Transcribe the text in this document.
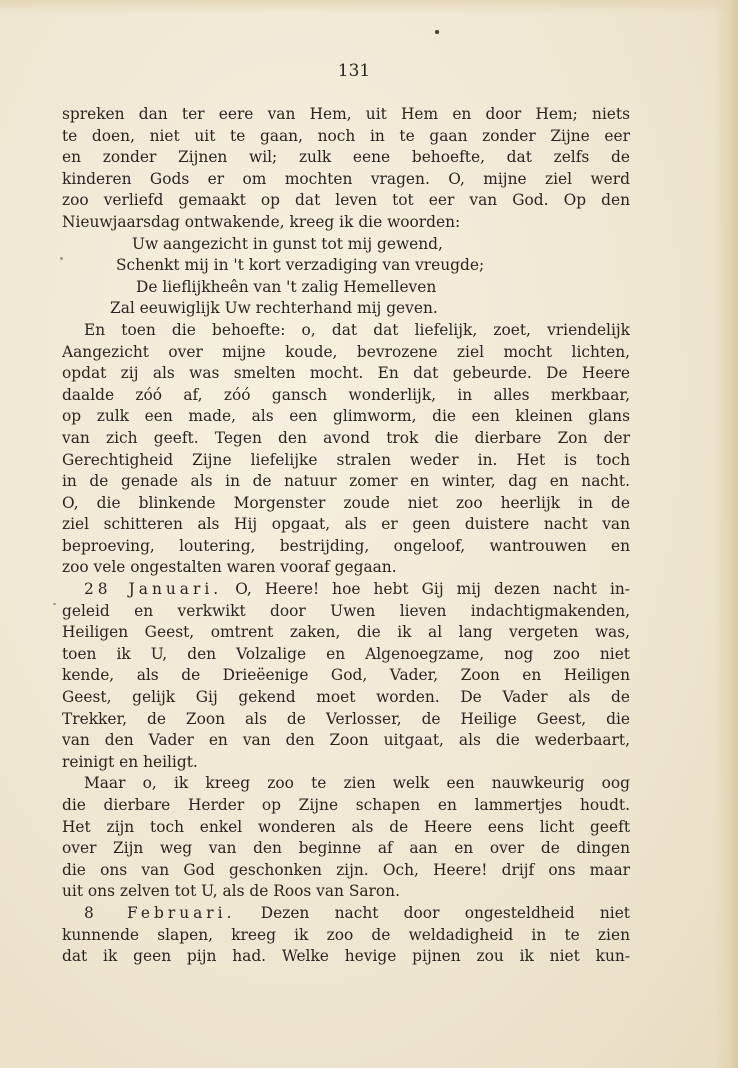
131
spreken dan ter eere van Hem, uit Hem en door Hem; niets
te doen, niet uit te gaan, noch in te gaan zonder Zijne eer
en zonder Zijnen wil; zulk eene behoefte, dat zelfs de
kinderen Gods er om mochten vragen. O, mijne ziel werd
zoo verliefd gemaakt op dat leven tot eer van God. Op den
Nieuwjaarsdag ontwakende, kreeg ik die woorden:
Uw aangezicht in gunst tot mij gewend,
Schenkt mij in 't kort verzadiging van vreugde;
De lieflijkheên van 't zalig Hemelleven
Zal eeuwiglijk Uw rechterhand mij geven.
En toen die behoefte: o, dat dat liefelijk, zoet, vriendelijk
Aangezicht over mijne koude, bevrozene ziel mocht lichten,
opdat zij als was smelten mocht. En dat gebeurde. De Heere
daalde zóó af, zóó gansch wonderlijk, in alles merkbaar,
op zulk een made, als een glimworm, die een kleinen glans
van zich geeft. Tegen den avond trok die dierbare Zon der
Gerechtigheid Zijne liefelijke stralen weder in. Het is toch
in de genade als in de natuur zomer en winter, dag en nacht.
O, die blinkende Morgenster zoude niet zoo heerlijk in de
ziel schitteren als Hij opgaat, als er geen duistere nacht van
beproeving, loutering, bestrijding, ongeloof, wantrouwen en
zoo vele ongestalten waren vooraf gegaan.
28 Januari. O, Heere! hoe hebt Gij mij dezen nacht in-
geleid en verkwikt door Uwen lieven indachtigmakenden,
Heiligen Geest, omtrent zaken, die ik al lang vergeten was,
toen ik U, den Volzalige en Algenoegzame, nog zoo niet
kende, als de Drieëenige God, Vader, Zoon en Heiligen
Geest, gelijk Gij gekend moet worden. De Vader als de
Trekker, de Zoon als de Verlosser, de Heilige Geest, die
van den Vader en van den Zoon uitgaat, als die wederbaart,
reinigt en heiligt.
Maar o, ik kreeg zoo te zien welk een nauwkeurig oog
die dierbare Herder op Zijne schapen en lammertjes houdt.
Het zijn toch enkel wonderen als de Heere eens licht geeft
over Zijn weg van den beginne af aan en over de dingen
die ons van God geschonken zijn. Och, Heere! drijf ons maar
uit ons zelven tot U, als de Roos van Saron.
8 Februari. Dezen nacht door ongesteldheid niet
kunnende slapen, kreeg ik zoo de weldadigheid in te zien
dat ik geen pijn had. Welke hevige pijnen zou ik niet kun-
